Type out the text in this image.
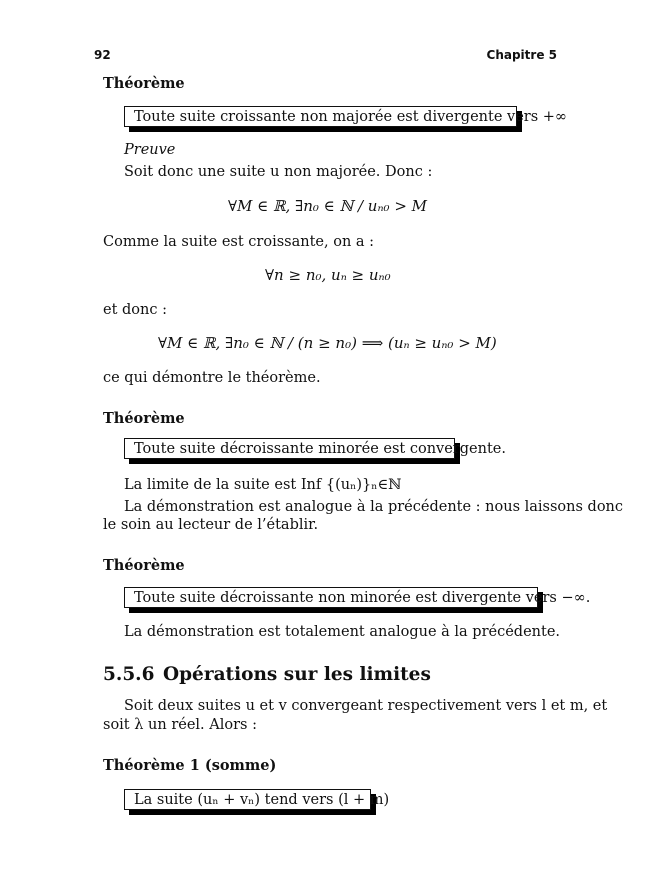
92	Chapitre 5
Théorème
Toute suite croissante non majorée est divergente vers +∞
Preuve
Soit donc une suite u non majorée. Donc :
∀M ∈ ℝ, ∃n₀ ∈ ℕ / uₙ₀ > M
Comme la suite est croissante, on a :
∀n ≥ n₀, uₙ ≥ uₙ₀
et donc :
∀M ∈ ℝ, ∃n₀ ∈ ℕ / (n ≥ n₀) ⟹ (uₙ ≥ uₙ₀ > M)
ce qui démontre le théorème.
Théorème
Toute suite décroissante minorée est convergente.
La limite de la suite est Inf {(uₙ)}ₙ∈ℕ
La démonstration est analogue à la précédente : nous laissons donc
le soin au lecteur de l’établir.
Théorème
Toute suite décroissante non minorée est divergente vers −∞.
La démonstration est totalement analogue à la précédente.
5.5.6 Opérations sur les limites
Soit deux suites u et v convergeant respectivement vers l et m, et
soit λ un réel. Alors :
Théorème 1 (somme)
La suite (uₙ + vₙ) tend vers (l + m)
